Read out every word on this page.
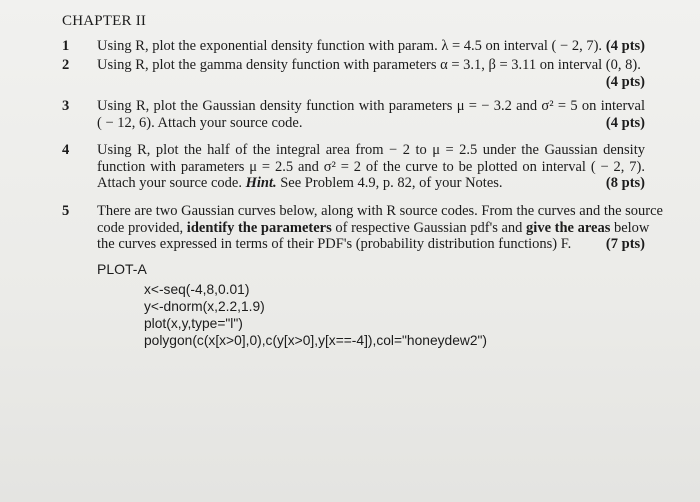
CHAPTER II
1 Using R, plot the exponential density function with param. λ = 4.5 on interval ( − 2, 7). (4 pts)
2 Using R, plot the gamma density function with parameters α = 3.1, β = 3.11 on interval (0, 8).
(4 pts)
3 Using R, plot the Gaussian density function with parameters μ = − 3.2 and σ² = 5 on interval
( − 12, 6). Attach your source code.	(4 pts)
4 Using R, plot the half of the integral area from − 2 to μ = 2.5 under the Gaussian density
function with parameters μ = 2.5 and σ² = 2 of the curve to be plotted on interval ( − 2, 7).
Attach your source code. Hint. See Problem 4.9, p. 82, of your Notes.	(8 pts)
5 There are two Gaussian curves below, along with R source codes. From the curves and the source
code provided, identify the parameters of respective Gaussian pdf's and give the areas below
the curves expressed in terms of their PDF's (probability distribution functions) F. (7 pts)
PLOT-A
x<-seq(-4,8,0.01)
y<-dnorm(x,2.2,1.9)
plot(x,y,type="l")
polygon(c(x[x>0],0),c(y[x>0],y[x==-4]),col="honeydew2")
